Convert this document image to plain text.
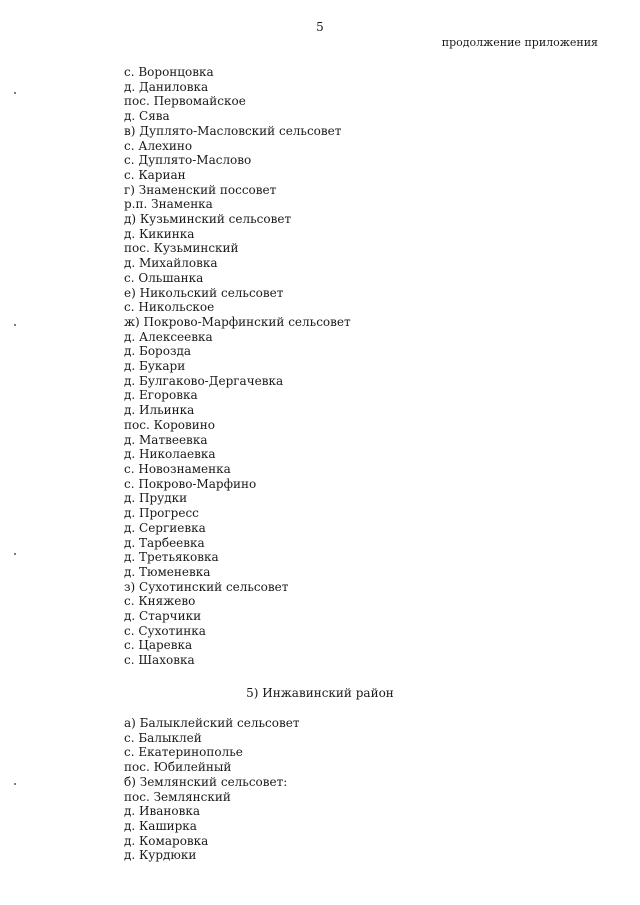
5
продолжение приложения
с. Воронцовка
д. Даниловка
пос. Первомайское
д. Сява
в) Дуплято-Масловский сельсовет
с. Алехино
с. Дуплято-Маслово
с. Кариан
г) Знаменский поссовет
р.п. Знаменка
д) Кузьминский сельсовет
д. Кикинка
пос. Кузьминский
д. Михайловка
с. Ольшанка
е) Никольский сельсовет
с. Никольское
ж) Покрово-Марфинский сельсовет
д. Алексеевка
д. Борозда
д. Букари
д. Булгаково-Дергачевка
д. Егоровка
д. Ильинка
пос. Коровино
д. Матвеевка
д. Николаевка
с. Новознаменка
с. Покрово-Марфино
д. Прудки
д. Прогресс
д. Сергиевка
д. Тарбеевка
д. Третьяковка
д. Тюменевка
з) Сухотинский сельсовет
с. Княжево
д. Старчики
с. Сухотинка
с. Царевка
с. Шаховка
5) Инжавинский район
а) Балыклейский сельсовет
с. Балыклей
с. Екатеринополье
пос. Юбилейный
б) Землянский сельсовет:
пос. Землянский
д. Ивановка
д. Каширка
д. Комаровка
д. Курдюки
